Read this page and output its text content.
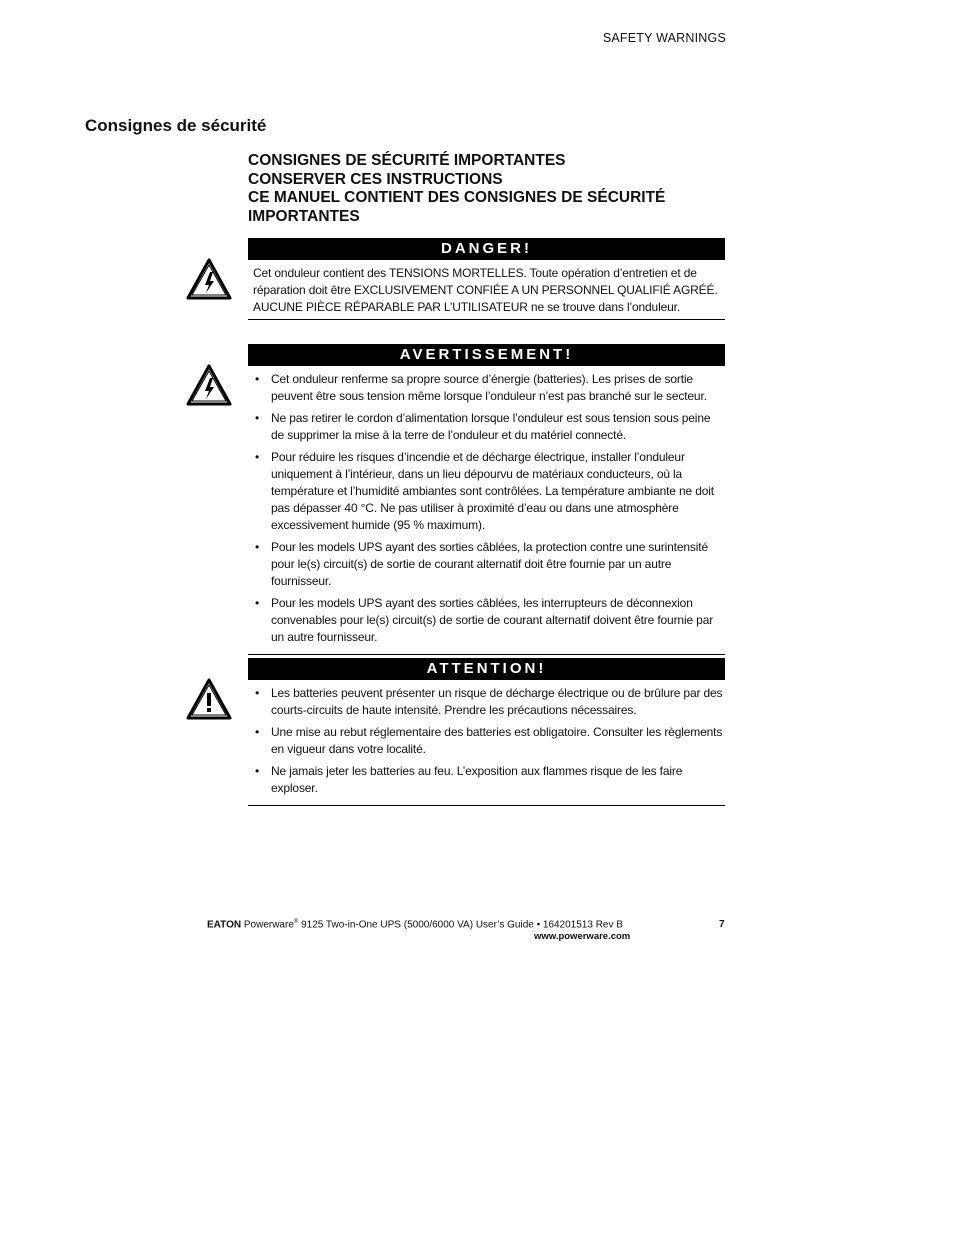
SAFETY WARNINGS
Consignes de sécurité
CONSIGNES DE SÉCURITÉ IMPORTANTES
CONSERVER CES INSTRUCTIONS
CE MANUEL CONTIENT DES CONSIGNES DE SÉCURITÉ IMPORTANTES
DANGER!
Cet onduleur contient des TENSIONS MORTELLES. Toute opération d’entretien et de réparation doit être EXCLUSIVEMENT CONFIÉE A UN PERSONNEL QUALIFIÉ AGRÉÉ. AUCUNE PIÈCE RÉPARABLE PAR L’UTILISATEUR ne se trouve dans l’onduleur.
AVERTISSEMENT!
• Cet onduleur renferme sa propre source d’énergie (batteries). Les prises de sortie peuvent être sous tension même lorsque l’onduleur n’est pas branché sur le secteur.
• Ne pas retirer le cordon d’alimentation lorsque l’onduleur est sous tension sous peine de supprimer la mise à la terre de l’onduleur et du matériel connecté.
• Pour réduire les risques d’incendie et de décharge électrique, installer l’onduleur uniquement à l’intérieur, dans un lieu dépourvu de matériaux conducteurs, où la température et l’humidité ambiantes sont contrôlées. La température ambiante ne doit pas dépasser 40 °C. Ne pas utiliser à proximité d’eau ou dans une atmosphère excessivement humide (95 % maximum).
• Pour les models UPS ayant des sorties câblées, la protection contre une surintensité pour le(s) circuit(s) de sortie de courant alternatif doit être fournie par un autre fournisseur.
• Pour les models UPS ayant des sorties câblées, les interrupteurs de déconnexion convenables pour le(s) circuit(s) de sortie de courant alternatif doivent être fournie par un autre fournisseur.
ATTENTION!
• Les batteries peuvent présenter un risque de décharge électrique ou de brûlure par des courts-circuits de haute intensité. Prendre les précautions nécessaires.
• Une mise au rebut réglementaire des batteries est obligatoire. Consulter les règlements en vigueur dans votre localité.
• Ne jamais jeter les batteries au feu. L’exposition aux flammes risque de les faire exploser.
EATON Powerware® 9125 Two-in-One UPS (5000/6000 VA) User’s Guide • 164201513 Rev B
www.powerware.com
7
